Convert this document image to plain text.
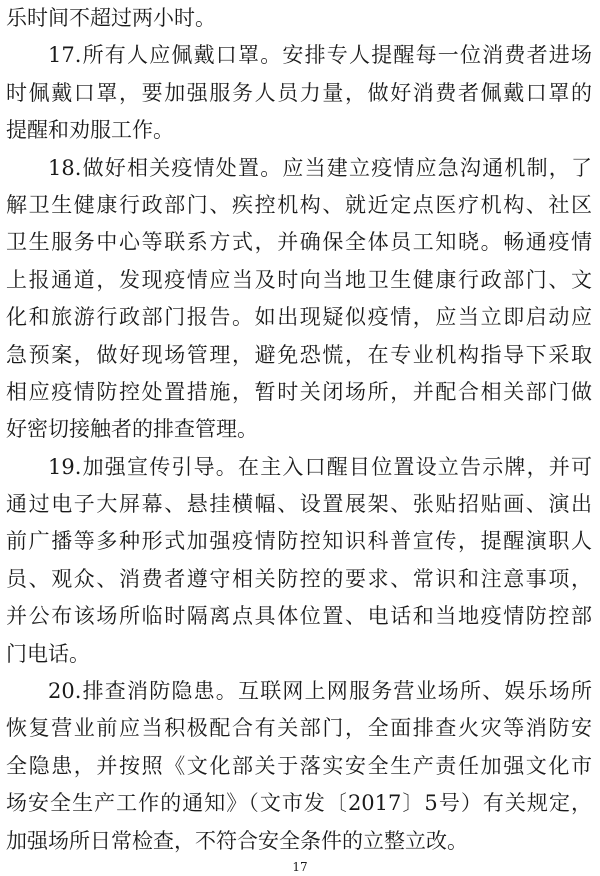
乐时间不超过两小时。
17.所有人应佩戴口罩。安排专人提醒每一位消费者进场
时佩戴口罩，要加强服务人员力量，做好消费者佩戴口罩的
提醒和劝服工作。
18.做好相关疫情处置。应当建立疫情应急沟通机制，了
解卫生健康行政部门、疾控机构、就近定点医疗机构、社区
卫生服务中心等联系方式，并确保全体员工知晓。畅通疫情
上报通道，发现疫情应当及时向当地卫生健康行政部门、文
化和旅游行政部门报告。如出现疑似疫情，应当立即启动应
急预案，做好现场管理，避免恐慌，在专业机构指导下采取
相应疫情防控处置措施，暂时关闭场所，并配合相关部门做
好密切接触者的排查管理。
19.加强宣传引导。在主入口醒目位置设立告示牌，并可
通过电子大屏幕、悬挂横幅、设置展架、张贴招贴画、演出
前广播等多种形式加强疫情防控知识科普宣传，提醒演职人
员、观众、消费者遵守相关防控的要求、常识和注意事项，
并公布该场所临时隔离点具体位置、电话和当地疫情防控部
门电话。
20.排查消防隐患。互联网上网服务营业场所、娱乐场所
恢复营业前应当积极配合有关部门，全面排查火灾等消防安
全隐患，并按照《文化部关于落实安全生产责任加强文化市
场安全生产工作的通知》（文市发〔2017〕5号）有关规定，
加强场所日常检查，不符合安全条件的立整立改。
17
